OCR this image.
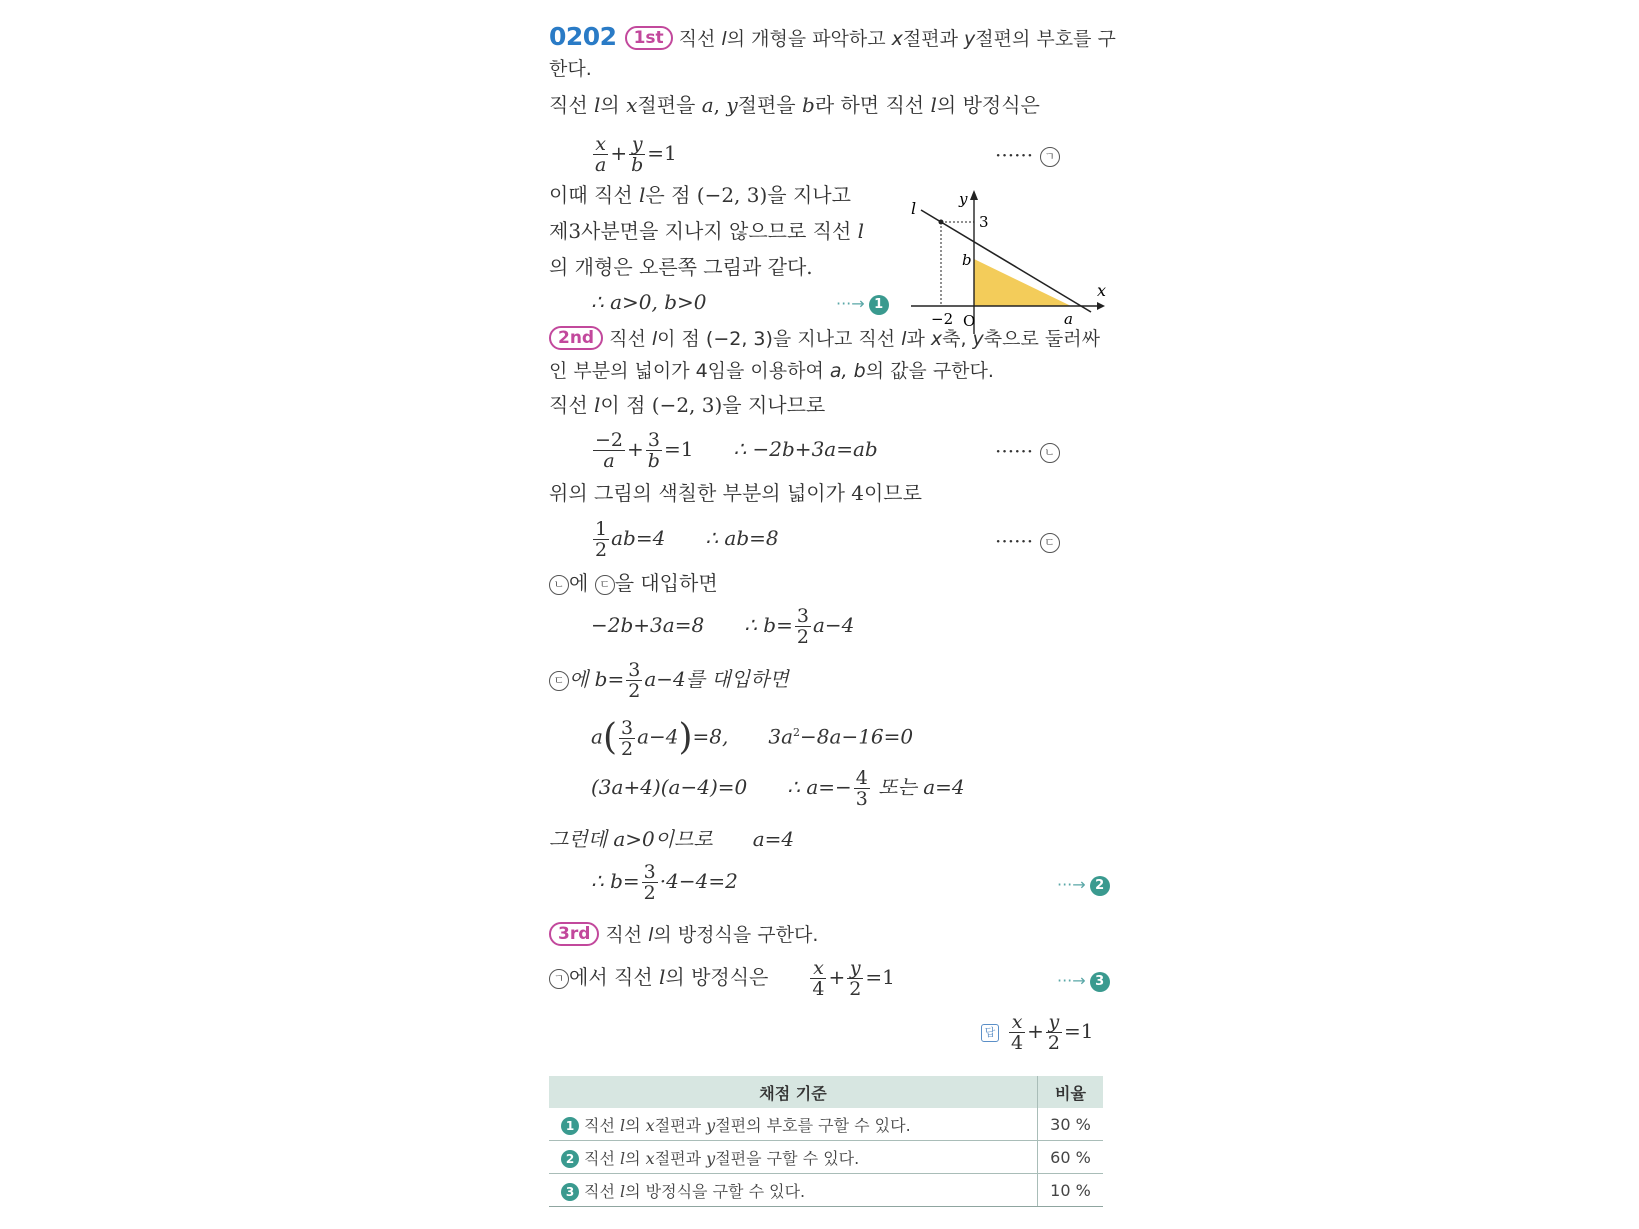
0202 1st 직선 l의 개형을 파악하고 x절편과 y절편의 부호를 구
한다.
직선 l의 x절편을 a, y절편을 b라 하면 직선 l의 방정식은
$\frac{x}{a} + \frac{y}{b} =1$	······ ㄱ
이때 직선 l은 점 (−2, 3)을 지나고
제3사분면을 지나지 않으므로 직선 l
의 개형은 오른쪽 그림과 같다.
∴ a>0, b>0	···→ 1
l	y
x
3
b
−2 O	a
2nd 직선 l이 점 (−2, 3)을 지나고 직선 l과 x축, y축으로 둘러싸
인 부분의 넓이가 4임을 이용하여 a, b의 값을 구한다.
직선 l이 점 (−2, 3)을 지나므로
$\frac{-2}{a} + \frac{3}{b} =1$ ∴ −2b+3a=ab	······ ㄴ
위의 그림의 색칠한 부분의 넓이가 4이므로
$\frac{1}{2} ab=4$ ∴ ab=8	······ ㄷ
ㄴ 에 ㄷ 을 대입하면
−2b+3a=8 ∴ $b= \frac{3}{2} a-4$
ㄷ 에 $b= \frac{3}{2} a-4$를 대입하면
$a( \frac{3}{2} a-4)=8$, $3a^2-8a-16=0$
(3a+4)(a−4)=0 ∴ $a=- \frac{4}{3}$ 또는 a=4
그런데 a>0이므로 a=4
∴ $b= \frac{3}{2} \cdot 4-4=2$	···→ 2
3rd 직선 l의 방정식을 구한다.
ㄱ 에서 직선 l의 방정식은 $\frac{x}{4} + \frac{y}{2} =1$	···→ 3
답 $\frac{x}{4} + \frac{y}{2} =1$
채점 기준	비율
1 직선 l의 x절편과 y절편의 부호를 구할 수 있다.	30 %
2 직선 l의 x절편과 y절편을 구할 수 있다.	60 %
3 직선 l의 방정식을 구할 수 있다.	10 %
